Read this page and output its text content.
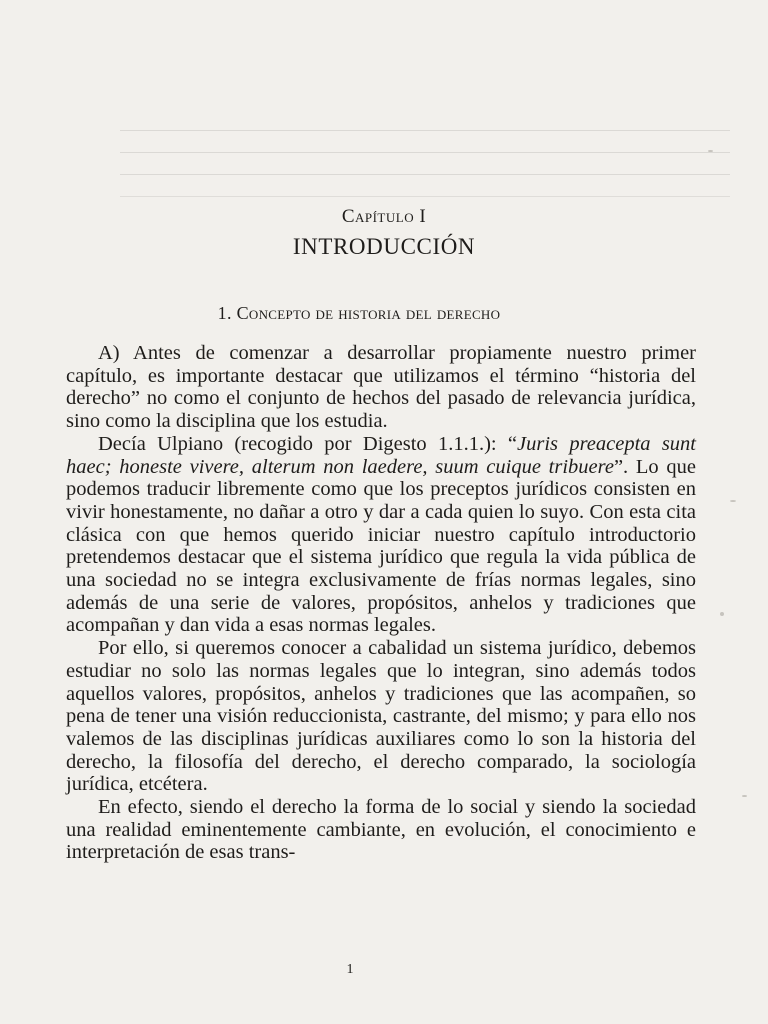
Capítulo I
INTRODUCCIÓN
1. Concepto de historia del derecho

A) Antes de comenzar a desarrollar propiamente nuestro primer capítulo, es importante destacar que utilizamos el término “historia del derecho” no como el conjunto de hechos del pasado de relevancia jurídica, sino como la disciplina que los estudia.

Decía Ulpiano (recogido por Digesto 1.1.1.): “Juris preacepta sunt haec; honeste vivere, alterum non laedere, suum cuique tribuere”. Lo que podemos traducir libremente como que los preceptos jurídicos consisten en vivir honestamente, no dañar a otro y dar a cada quien lo suyo. Con esta cita clásica con que hemos querido iniciar nuestro capítulo introductorio pretendemos destacar que el sistema jurídico que regula la vida pública de una sociedad no se integra exclusivamente de frías normas legales, sino además de una serie de valores, propósitos, anhelos y tradiciones que acompañan y dan vida a esas normas legales.

Por ello, si queremos conocer a cabalidad un sistema jurídico, debemos estudiar no solo las normas legales que lo integran, sino además todos aquellos valores, propósitos, anhelos y tradiciones que las acompañen, so pena de tener una visión reduccionista, castrante, del mismo; y para ello nos valemos de las disciplinas jurídicas auxiliares como lo son la historia del derecho, la filosofía del derecho, el derecho comparado, la sociología jurídica, etcétera.

En efecto, siendo el derecho la forma de lo social y siendo la sociedad una realidad eminentemente cambiante, en evolución, el conocimiento e interpretación de esas trans-

1
